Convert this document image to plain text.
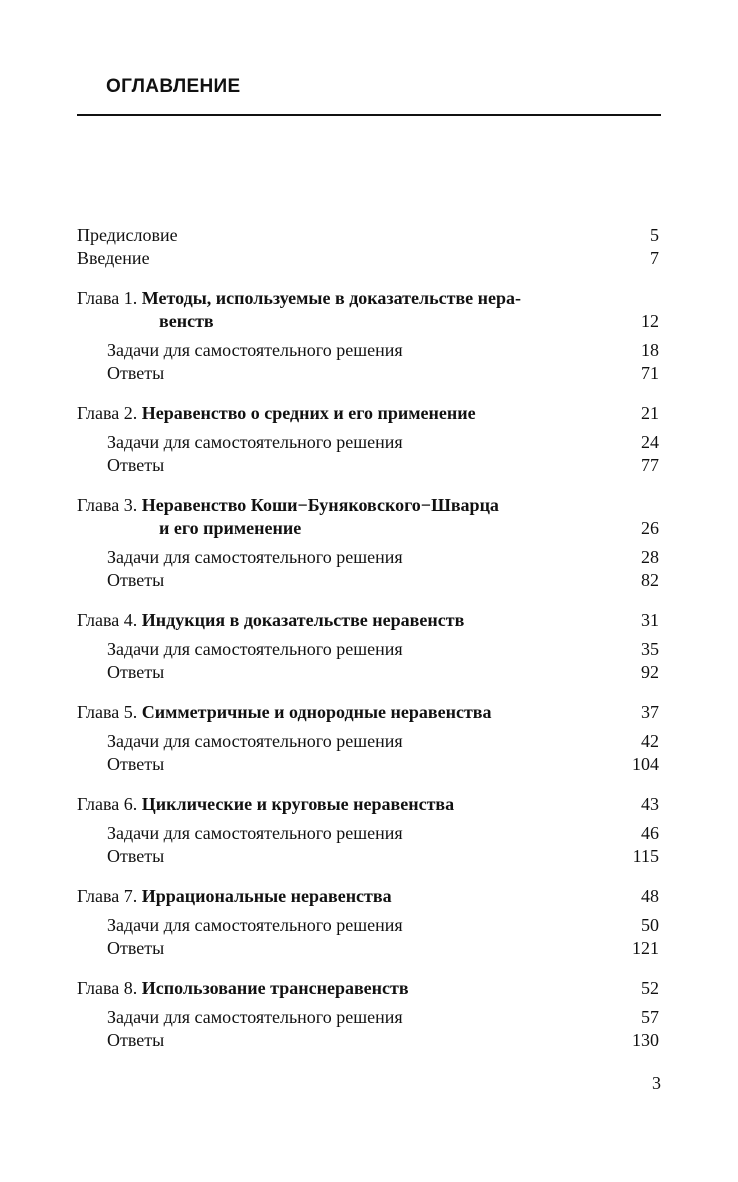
ОГЛАВЛЕНИЕ
Предисловие	5
Введение	7
Глава 1. Методы, используемые в доказательстве нера-
венств	12
Задачи для самостоятельного решения	18
Ответы	71
Глава 2. Неравенство о средних и его применение	21
Задачи для самостоятельного решения	24
Ответы	77
Глава 3. Неравенство Коши−Буняковского−Шварца
и его применение	26
Задачи для самостоятельного решения	28
Ответы	82
Глава 4. Индукция в доказательстве неравенств	31
Задачи для самостоятельного решения	35
Ответы	92
Глава 5. Симметричные и однородные неравенства	37
Задачи для самостоятельного решения	42
Ответы	104
Глава 6. Циклические и круговые неравенства	43
Задачи для самостоятельного решения	46
Ответы	115
Глава 7. Иррациональные неравенства	48
Задачи для самостоятельного решения	50
Ответы	121
Глава 8. Использование транснеравенств	52
Задачи для самостоятельного решения	57
Ответы	130
3
